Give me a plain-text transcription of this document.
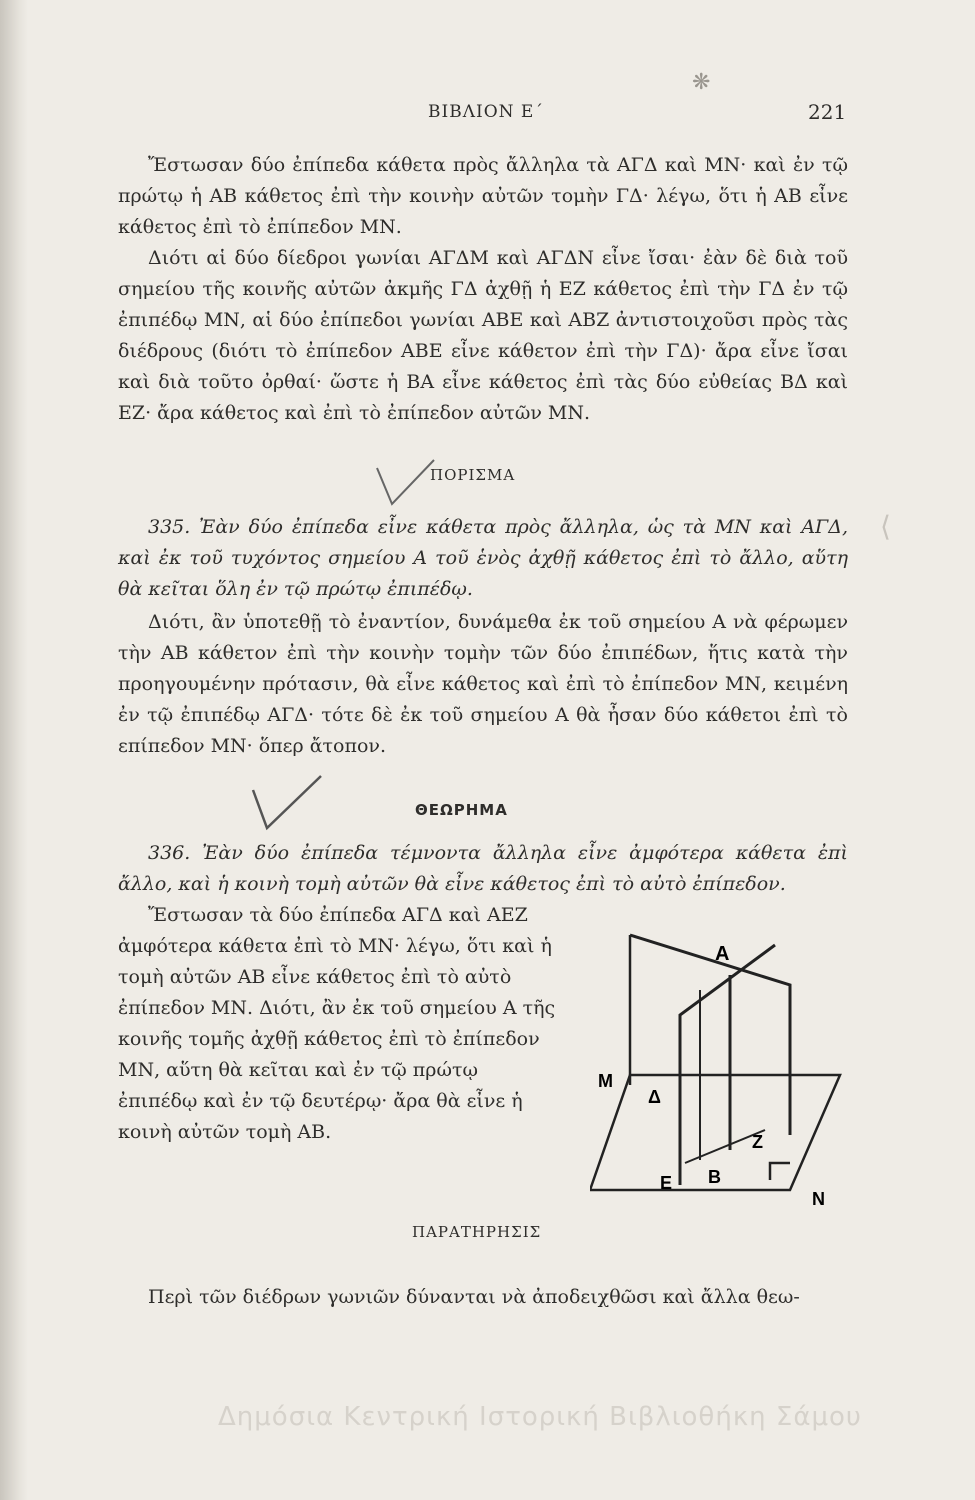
ΒΙΒΛΙΟΝ Ε΄	221
❋

Ἔστωσαν δύο ἐπίπεδα κάθετα πρὸς ἄλληλα τὰ ΑΓΔ καὶ ΜΝ· καὶ ἐν τῷ πρώτῳ ἡ ΑΒ κάθετος ἐπὶ τὴν κοινὴν αὐτῶν τομὴν ΓΔ· λέγω, ὅτι ἡ ΑΒ εἶνε κάθετος ἐπὶ τὸ ἐπίπεδον ΜΝ.

Διότι αἱ δύο δίεδροι γωνίαι ΑΓΔΜ καὶ ΑΓΔΝ εἶνε ἴσαι· ἐὰν δὲ διὰ τοῦ σημείου τῆς κοινῆς αὐτῶν ἀκμῆς ΓΔ ἀχθῇ ἡ ΕΖ κάθετος ἐπὶ τὴν ΓΔ ἐν τῷ ἐπιπέδῳ ΜΝ, αἱ δύο ἐπίπεδοι γωνίαι ΑΒΕ καὶ ΑΒΖ ἀντιστοιχοῦσι πρὸς τὰς διέδρους (διότι τὸ ἐπίπεδον ΑΒΕ εἶνε κάθετον ἐπὶ τὴν ΓΔ)· ἄρα εἶνε ἴσαι καὶ διὰ τοῦτο ὀρθαί· ὥστε ἡ ΒΑ εἶνε κάθετος ἐπὶ τὰς δύο εὐθείας ΒΔ καὶ ΕΖ· ἄρα κάθετος καὶ ἐπὶ τὸ ἐπίπεδον αὐτῶν ΜΝ.

ΠΟΡΙΣΜΑ

335. Ἐὰν δύο ἐπίπεδα εἶνε κάθετα πρὸς ἄλληλα, ὡς τὰ ΜΝ καὶ ΑΓΔ, καὶ ἐκ τοῦ τυχόντος σημείου Α τοῦ ἑνὸς ἀχθῇ κάθετος ἐπὶ τὸ ἄλλο, αὕτη θὰ κεῖται ὅλη ἐν τῷ πρώτῳ ἐπιπέδῳ.

⟨

Διότι, ἂν ὑποτεθῇ τὸ ἐναντίον, δυνάμεθα ἐκ τοῦ σημείου Α νὰ φέρωμεν τὴν ΑΒ κάθετον ἐπὶ τὴν κοινὴν τομὴν τῶν δύο ἐπιπέδων, ἥτις κατὰ τὴν προηγουμένην πρότασιν, θὰ εἶνε κάθετος καὶ ἐπὶ τὸ ἐπίπεδον ΜΝ, κειμένη ἐν τῷ ἐπιπέδῳ ΑΓΔ· τότε δὲ ἐκ τοῦ σημείου Α θὰ ἦσαν δύο κάθετοι ἐπὶ τὸ επίπεδον ΜΝ· ὅπερ ἄτοπον.

ΘΕΩΡΗΜΑ

336. Ἐὰν δύο ἐπίπεδα τέμνοντα ἄλληλα εἶνε ἀμφότερα κάθετα ἐπὶ ἄλλο, καὶ ἡ κοινὴ τομὴ αὐτῶν θὰ εἶνε κάθετος ἐπὶ τὸ αὐτὸ ἐπίπεδον.

Ἔστωσαν τὰ δύο ἐπίπεδα ΑΓΔ καὶ ΑΕΖ ἀμφότερα κάθετα ἐπὶ τὸ ΜΝ· λέγω, ὅτι καὶ ἡ τομὴ αὐτῶν ΑΒ εἶνε κάθετος ἐπὶ τὸ αὐτὸ ἐπίπεδον ΜΝ. Διότι, ἂν ἐκ τοῦ σημείου Α τῆς κοινῆς τομῆς ἀχθῇ κάθετος ἐπὶ τὸ ἐπίπεδον ΜΝ, αὕτη θὰ κεῖται καὶ ἐν τῷ πρώτῳ ἐπιπέδῳ καὶ ἐν τῷ δευτέρῳ· ἄρα θὰ εἶνε ἡ κοινὴ αὐτῶν τομὴ ΑΒ.

A
M
Δ
Z
B
E
N
ΠΑΡΑΤΗΡΗΣΙΣ

Περὶ τῶν διέδρων γωνιῶν δύνανται νὰ ἀποδειχθῶσι καὶ ἄλλα θεω-

Δημόσια Κεντρική Ιστορική Βιβλιοθήκη Σάμου
